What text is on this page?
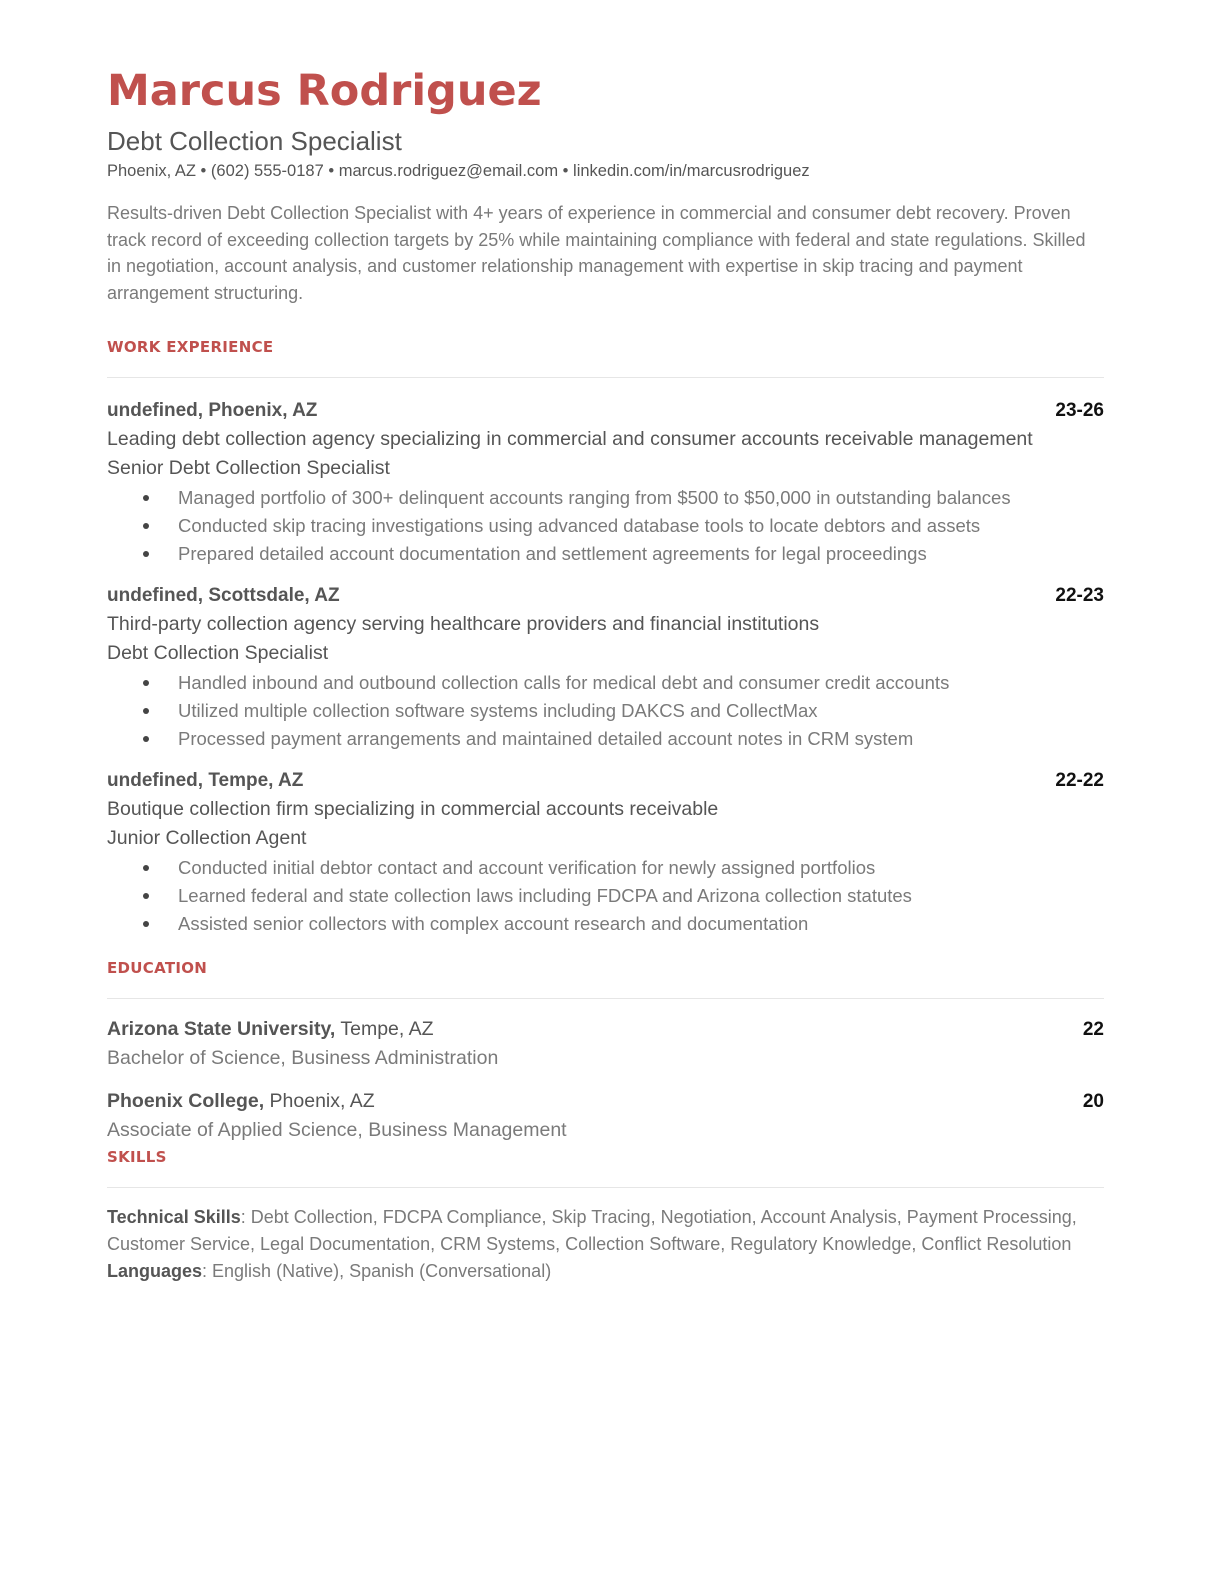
Marcus Rodriguez
Debt Collection Specialist
Phoenix, AZ • (602) 555-0187 • marcus.rodriguez@email.com • linkedin.com/in/marcusrodriguez
Results-driven Debt Collection Specialist with 4+ years of experience in commercial and consumer debt recovery. Proven track record of exceeding collection targets by 25% while maintaining compliance with federal and state regulations. Skilled in negotiation, account analysis, and customer relationship management with expertise in skip tracing and payment arrangement structuring.
WORK EXPERIENCE
undefined, Phoenix, AZ	23-26
Leading debt collection agency specializing in commercial and consumer accounts receivable management
Senior Debt Collection Specialist
Managed portfolio of 300+ delinquent accounts ranging from $500 to $50,000 in outstanding balances
Conducted skip tracing investigations using advanced database tools to locate debtors and assets
Prepared detailed account documentation and settlement agreements for legal proceedings
undefined, Scottsdale, AZ	22-23
Third-party collection agency serving healthcare providers and financial institutions
Debt Collection Specialist
Handled inbound and outbound collection calls for medical debt and consumer credit accounts
Utilized multiple collection software systems including DAKCS and CollectMax
Processed payment arrangements and maintained detailed account notes in CRM system
undefined, Tempe, AZ	22-22
Boutique collection firm specializing in commercial accounts receivable
Junior Collection Agent
Conducted initial debtor contact and account verification for newly assigned portfolios
Learned federal and state collection laws including FDCPA and Arizona collection statutes
Assisted senior collectors with complex account research and documentation
EDUCATION
Arizona State University, Tempe, AZ	22
Bachelor of Science, Business Administration
Phoenix College, Phoenix, AZ	20
Associate of Applied Science, Business Management
SKILLS

Technical Skills: Debt Collection, FDCPA Compliance, Skip Tracing, Negotiation, Account Analysis, Payment Processing, Customer Service, Legal Documentation, CRM Systems, Collection Software, Regulatory Knowledge, Conflict Resolution

Languages: English (Native), Spanish (Conversational)
